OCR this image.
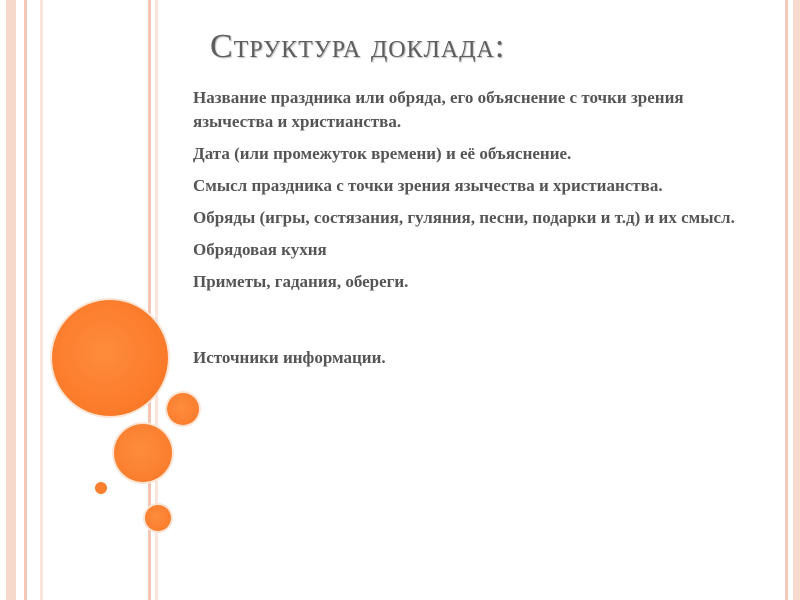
Структура доклада:
Название праздника или обряда, его объяснение с точки зрения язычества и христианства.
Дата (или промежуток времени) и её объяснение.
Смысл праздника с точки зрения язычества и христианства.
Обряды (игры, состязания, гуляния, песни, подарки и т.д) и их смысл.
Обрядовая кухня
Приметы, гадания, обереги.
Источники информации.
